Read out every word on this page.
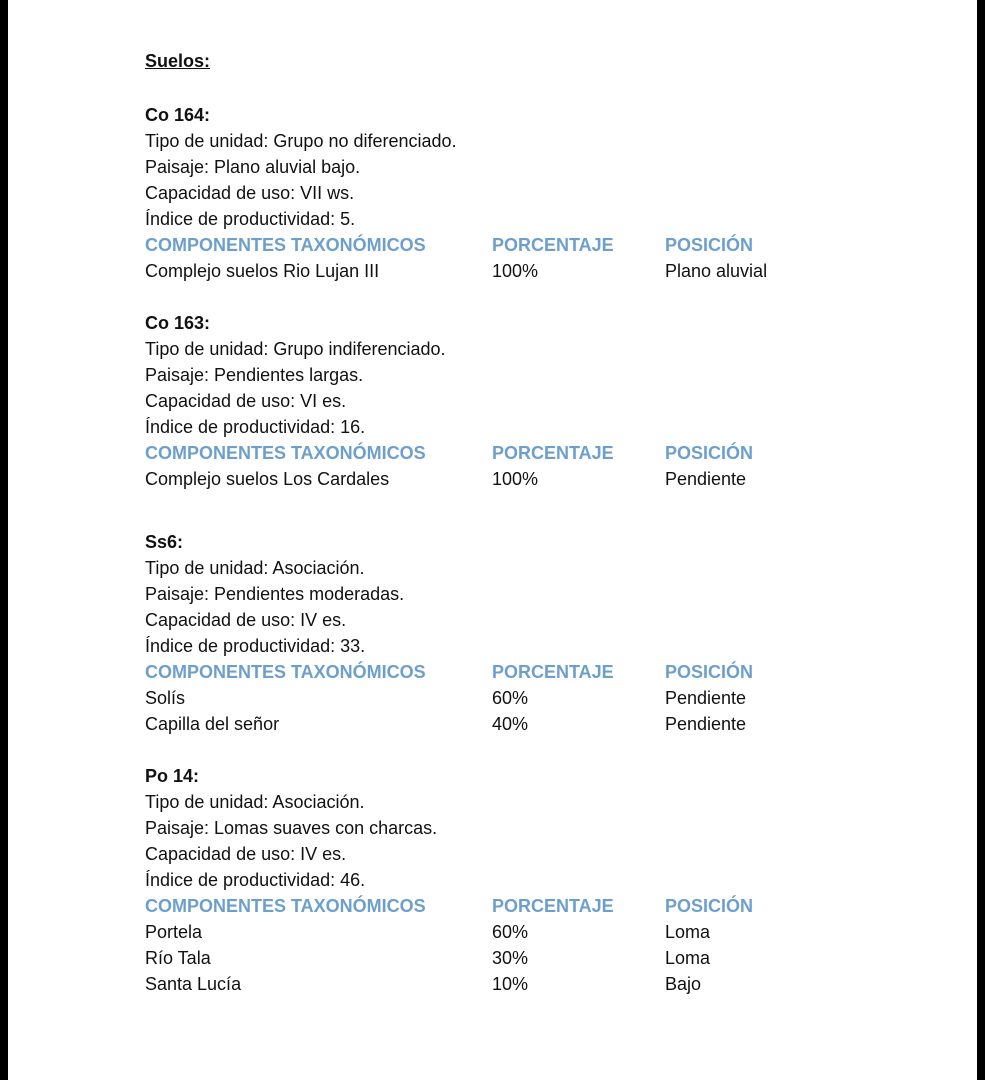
Suelos:
Co 164:
Tipo de unidad: Grupo no diferenciado.
Paisaje: Plano aluvial bajo.
Capacidad de uso: VII ws.
Índice de productividad: 5.
COMPONENTES TAXONÓMICOS	PORCENTAJE	POSICIÓN
Complejo suelos Rio Lujan III	100%	Plano aluvial
Co 163:
Tipo de unidad: Grupo indiferenciado.
Paisaje: Pendientes largas.
Capacidad de uso: VI es.
Índice de productividad: 16.
COMPONENTES TAXONÓMICOS	PORCENTAJE	POSICIÓN
Complejo suelos Los Cardales	100%	Pendiente
Ss6:
Tipo de unidad: Asociación.
Paisaje: Pendientes moderadas.
Capacidad de uso: IV es.
Índice de productividad: 33.
COMPONENTES TAXONÓMICOS	PORCENTAJE	POSICIÓN
Solís	60%	Pendiente
Capilla del señor	40%	Pendiente
Po 14:
Tipo de unidad: Asociación.
Paisaje: Lomas suaves con charcas.
Capacidad de uso: IV es.
Índice de productividad: 46.
COMPONENTES TAXONÓMICOS	PORCENTAJE	POSICIÓN
Portela	60%	Loma
Río Tala	30%	Loma
Santa Lucía	10%	Bajo
